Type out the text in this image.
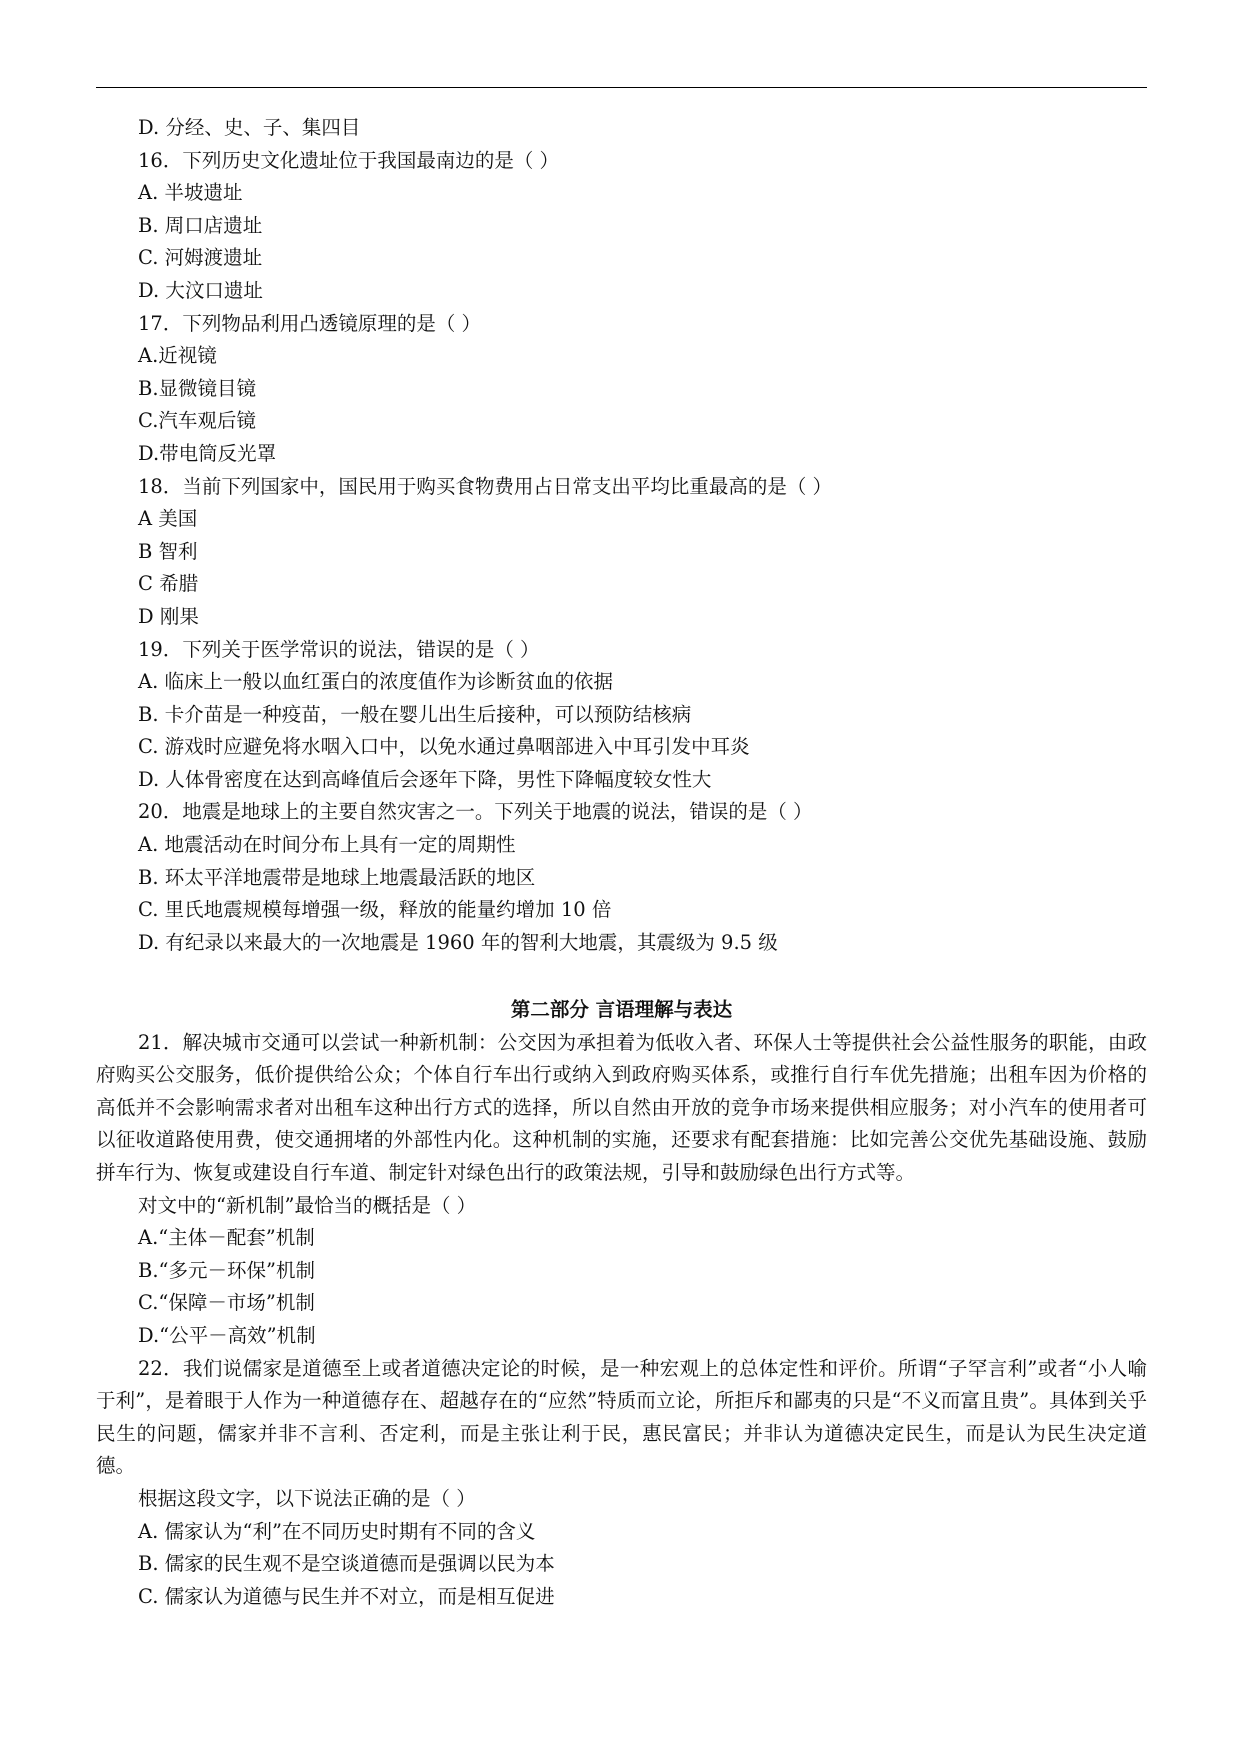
D. 分经、史、子、集四目
16．下列历史文化遗址位于我国最南边的是（ ）
A. 半坡遗址
B. 周口店遗址
C. 河姆渡遗址
D. 大汶口遗址
17．下列物品利用凸透镜原理的是（ ）
A.近视镜
B.显微镜目镜
C.汽车观后镜
D.带电筒反光罩
18．当前下列国家中，国民用于购买食物费用占日常支出平均比重最高的是（ ）
A 美国
B 智利
C 希腊
D 刚果
19．下列关于医学常识的说法，错误的是（ ）
A. 临床上一般以血红蛋白的浓度值作为诊断贫血的依据
B. 卡介苗是一种疫苗，一般在婴儿出生后接种，可以预防结核病
C. 游戏时应避免将水咽入口中，以免水通过鼻咽部进入中耳引发中耳炎
D. 人体骨密度在达到高峰值后会逐年下降，男性下降幅度较女性大
20．地震是地球上的主要自然灾害之一。下列关于地震的说法，错误的是（ ）
A. 地震活动在时间分布上具有一定的周期性
B. 环太平洋地震带是地球上地震最活跃的地区
C. 里氏地震规模每增强一级，释放的能量约增加 10 倍
D. 有纪录以来最大的一次地震是 1960 年的智利大地震，其震级为 9.5 级
第二部分 言语理解与表达
21．解决城市交通可以尝试一种新机制：公交因为承担着为低收入者、环保人士等提供社会公益性服务的职能，由政府购买公交服务，低价提供给公众；个体自行车出行或纳入到政府购买体系，或推行自行车优先措施；出租车因为价格的高低并不会影响需求者对出租车这种出行方式的选择，所以自然由开放的竞争市场来提供相应服务；对小汽车的使用者可以征收道路使用费，使交通拥堵的外部性内化。这种机制的实施，还要求有配套措施：比如完善公交优先基础设施、鼓励拼车行为、恢复或建设自行车道、制定针对绿色出行的政策法规，引导和鼓励绿色出行方式等。
对文中的“新机制”最恰当的概括是（ ）
A.“主体－配套”机制
B.“多元－环保”机制
C.“保障－市场”机制
D.“公平－高效”机制
22．我们说儒家是道德至上或者道德决定论的时候，是一种宏观上的总体定性和评价。所谓“子罕言利”或者“小人喻于利”，是着眼于人作为一种道德存在、超越存在的“应然”特质而立论，所拒斥和鄙夷的只是“不义而富且贵”。具体到关乎民生的问题，儒家并非不言利、否定利，而是主张让利于民，惠民富民；并非认为道德决定民生，而是认为民生决定道德。
根据这段文字，以下说法正确的是（ ）
A. 儒家认为“利”在不同历史时期有不同的含义
B. 儒家的民生观不是空谈道德而是强调以民为本
C. 儒家认为道德与民生并不对立，而是相互促进
